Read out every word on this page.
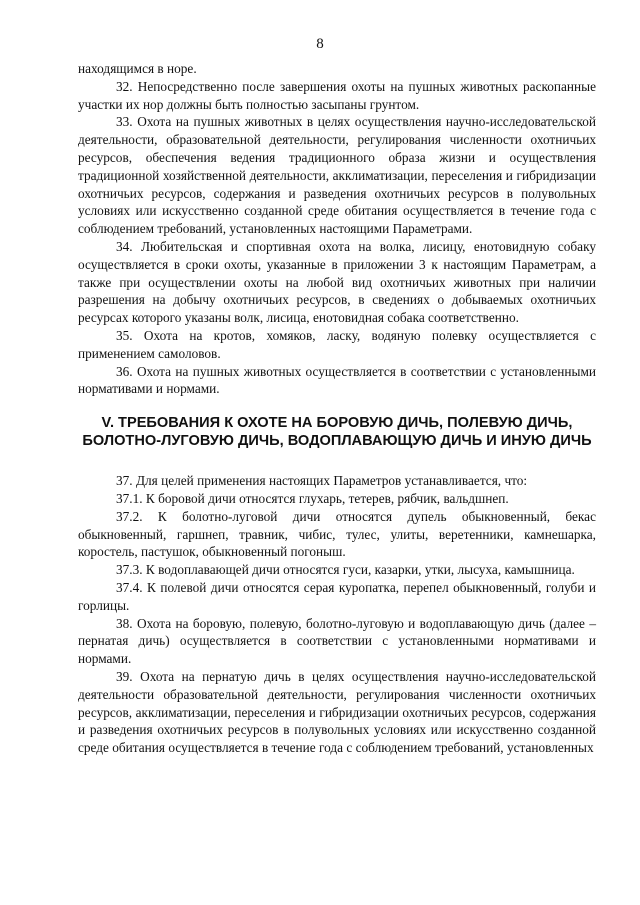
8

находящимся в норе.

32. Непосредственно после завершения охоты на пушных животных раскопанные участки их нор должны быть полностью засыпаны грунтом.

33. Охота на пушных животных в целях осуществления научно-исследовательской деятельности, образовательной деятельности, регулирования численности охотничьих ресурсов, обеспечения ведения традиционного образа жизни и осуществления традиционной хозяйственной деятельности, акклиматизации, переселения и гибридизации охотничьих ресурсов, содержания и разведения охотничьих ресурсов в полувольных условиях или искусственно созданной среде обитания осуществляется в течение года с соблюдением требований, установленных настоящими Параметрами.

34. Любительская и спортивная охота на волка, лисицу, енотовидную собаку осуществляется в сроки охоты, указанные в приложении 3 к настоящим Параметрам, а также при осуществлении охоты на любой вид охотничьих животных при наличии разрешения на добычу охотничьих ресурсов, в сведениях о добываемых охотничьих ресурсах которого указаны волк, лисица, енотовидная собака соответственно.

35. Охота на кротов, хомяков, ласку, водяную полевку осуществляется с применением самоловов.

36. Охота на пушных животных осуществляется в соответствии с установленными нормативами и нормами.

V. ТРЕБОВАНИЯ К ОХОТЕ НА БОРОВУЮ ДИЧЬ, ПОЛЕВУЮ ДИЧЬ, БОЛОТНО-ЛУГОВУЮ ДИЧЬ, ВОДОПЛАВАЮЩУЮ ДИЧЬ И ИНУЮ ДИЧЬ

37. Для целей применения настоящих Параметров устанавливается, что:

37.1. К боровой дичи относятся глухарь, тетерев, рябчик, вальдшнеп.

37.2. К болотно-луговой дичи относятся дупель обыкновенный, бекас обыкновенный, гаршнеп, травник, чибис, тулес, улиты, веретенники, камнешарка, коростель, пастушок, обыкновенный погоныш.

37.3. К водоплавающей дичи относятся гуси, казарки, утки, лысуха, камышница.

37.4. К полевой дичи относятся серая куропатка, перепел обыкновенный, голуби и горлицы.

38. Охота на боровую, полевую, болотно-луговую и водоплавающую дичь (далее – пернатая дичь) осуществляется в соответствии с установленными нормативами и нормами.

39. Охота на пернатую дичь в целях осуществления научно-исследовательской деятельности образовательной деятельности, регулирования численности охотничьих ресурсов, акклиматизации, переселения и гибридизации охотничьих ресурсов, содержания и разведения охотничьих ресурсов в полувольных условиях или искусственно созданной среде обитания осуществляется в течение года с соблюдением требований, установленных
